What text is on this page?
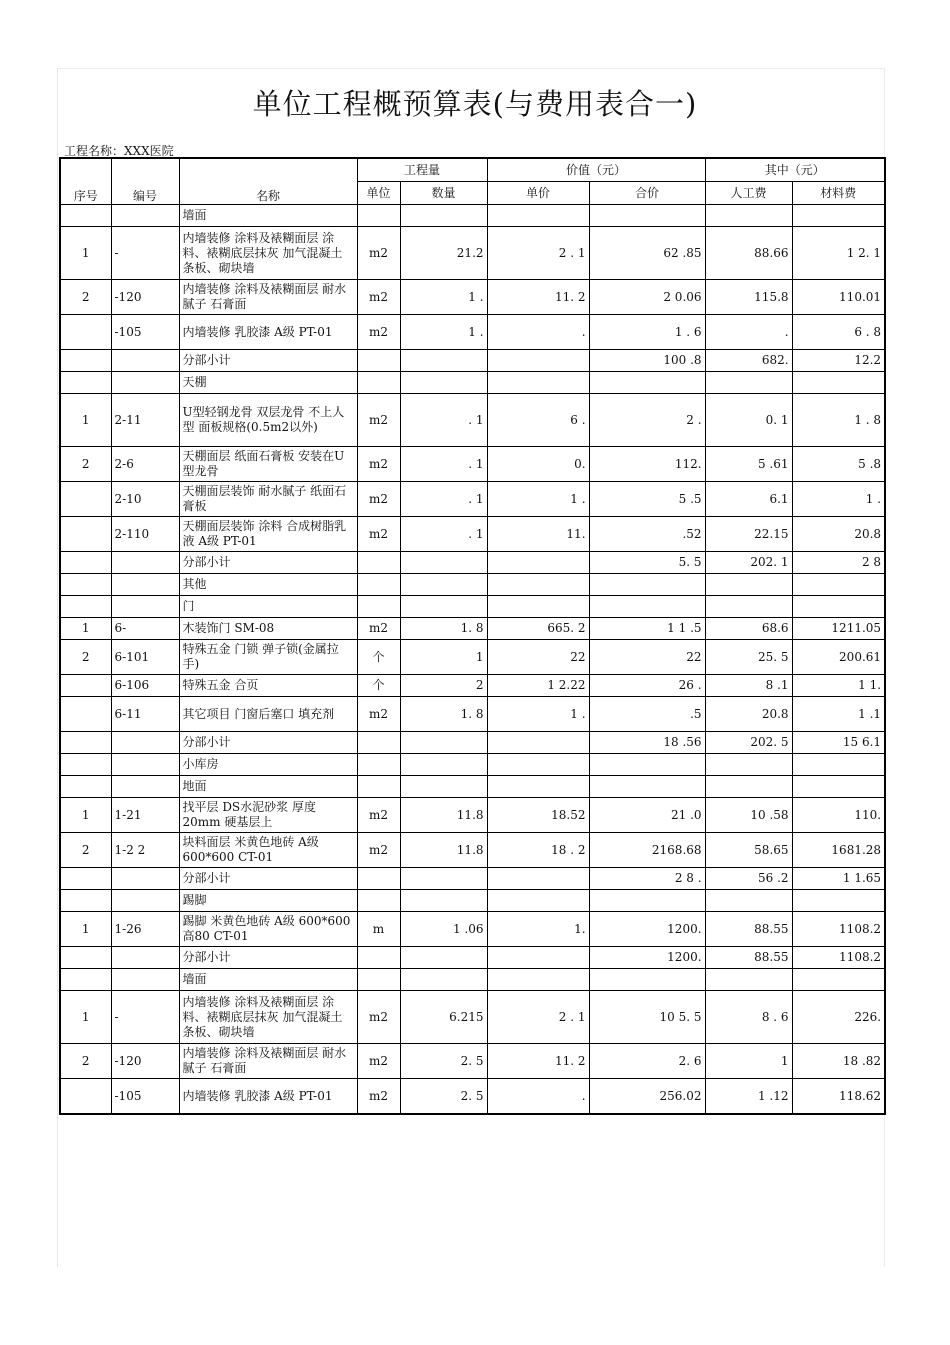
单位工程概预算表(与费用表合一)
工程名称：XXX医院
序号	编号	名称	工程量		价值（元）		其中（元）	
			单位	数量	单价	合价	人工费	材料费
		墙面						
1	-	内墙装修 涂料及裱糊面层 涂料、裱糊底层抹灰 加气混凝土条板、砌块墙	m2	21.2	2 . 1	62 .85	88.66	1 2. 1
2	-120	内墙装修 涂料及裱糊面层 耐水腻子 石膏面	m2	1 .	11. 2	2 0.06	115.8	110.01
	-105	内墙装修 乳胶漆 A级 PT-01	m2	1 .	.	1 . 6	.	6 . 8
		分部小计				100 .8	682.	12.2
		天棚						
1	2-11	U型轻钢龙骨 双层龙骨 不上人型 面板规格(0.5m2以外)	m2	. 1	6 .	2 .	0. 1	1 . 8
2	2-6	天棚面层 纸面石膏板 安装在U型龙骨	m2	. 1	0.	112.	5 .61	5 .8
	2-10	天棚面层装饰 耐水腻子 纸面石膏板	m2	. 1	1 .	5 .5	6.1	1 .
	2-110	天棚面层装饰 涂料 合成树脂乳液 A级 PT-01	m2	. 1	11.	.52	22.15	20.8
		分部小计				5. 5	202. 1	2 8
		其他						
		门						
1	6-	木装饰门 SM-08	m2	1. 8	665. 2	1 1 .5	68.6	1211.05
2	6-101	特殊五金 门锁 弹子锁(金属拉手)	个	1	22	22	25. 5	200.61
	6-106	特殊五金 合页	个	2	1 2.22	26 .	8 .1	1 1.
	6-11	其它项目 门窗后塞口 填充剂	m2	1. 8	1 .	.5	20.8	1 .1
		分部小计				18 .56	202. 5	15 6.1
		小库房						
		地面						
1	1-21	找平层 DS水泥砂浆 厚度20mm 硬基层上	m2	11.8	18.52	21 .0	10 .58	110.
2	1-2 2	块料面层 米黄色地砖 A级 600*600 CT-01	m2	11.8	18 . 2	2168.68	58.65	1681.28
		分部小计				2 8 .	56 .2	1 1.65
		踢脚						
1	1-26	踢脚 米黄色地砖 A级 600*600 高80 CT-01	m	1 .06	1.	1200.	88.55	1108.2
		分部小计				1200.	88.55	1108.2
		墙面						
1	-	内墙装修 涂料及裱糊面层 涂料、裱糊底层抹灰 加气混凝土条板、砌块墙	m2	6.215	2 . 1	10 5. 5	8 . 6	226.
2	-120	内墙装修 涂料及裱糊面层 耐水腻子 石膏面	m2	2. 5	11. 2	2. 6	1	18 .82
	-105	内墙装修 乳胶漆 A级 PT-01	m2	2. 5	.	256.02	1 .12	118.62
